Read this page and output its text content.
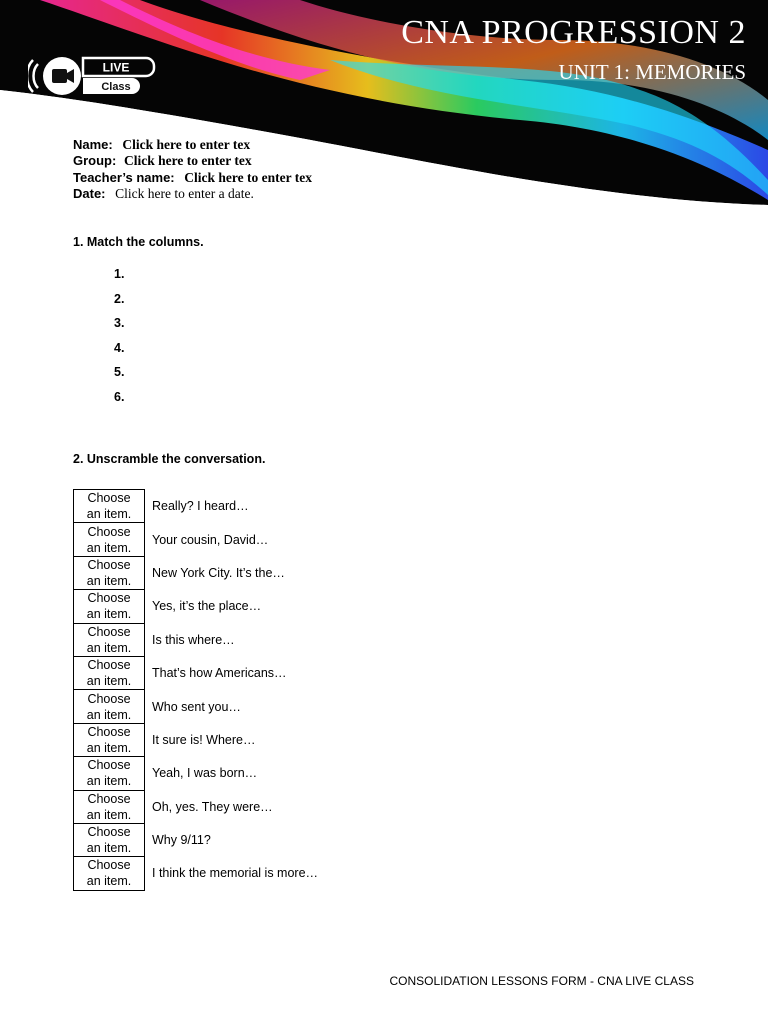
CNA PROGRESSION 2
UNIT 1: MEMORIES
LIVE
Class
Name: Click here to enter tex
Group: Click here to enter tex
Teacher’s name: Click here to enter tex
Date: Click here to enter a date.
1. Match the columns.
1.
2.
3.
4.
5.
6.
2. Unscramble the conversation.
Choose
an item.	Really? I heard…
Choose
an item.	Your cousin, David…
Choose
an item.	New York City. It’s the…
Choose
an item.	Yes, it’s the place…
Choose
an item.	Is this where…
Choose
an item.	That’s how Americans…
Choose
an item.	Who sent you…
Choose
an item.	It sure is! Where…
Choose
an item.	Yeah, I was born…
Choose
an item.	Oh, yes. They were…
Choose
an item.	Why 9/11?
Choose
an item.	I think the memorial is more…
CONSOLIDATION LESSONS FORM - CNA LIVE CLASS
